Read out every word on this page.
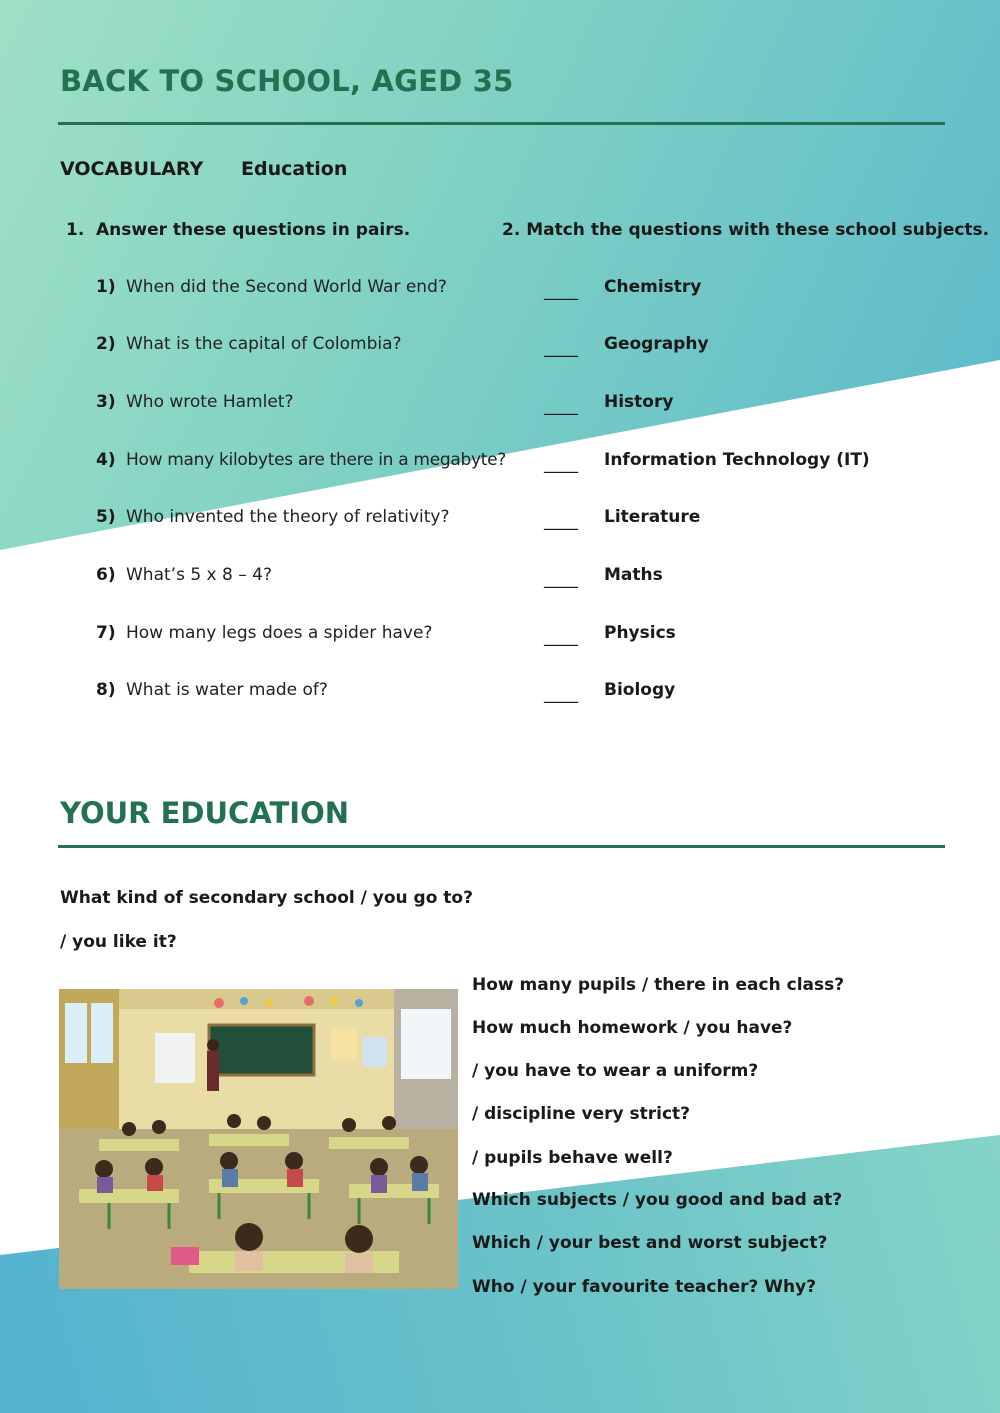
BACK TO SCHOOL, AGED 35
VOCABULARY Education
1. Answer these questions in pairs.	2. Match the questions with these school subjects.
1) When did the Second World War end?
2) What is the capital of Colombia?
3) Who wrote Hamlet?
4) How many kilobytes are there in a megabyte?
5) Who invented the theory of relativity?
6) What’s 5 x 8 – 4?
7) How many legs does a spider have?
8) What is water made of?
____
____
____
____
____
____
____
____
Chemistry
Geography
History
Information Technology (IT)
Literature
Maths
Physics
Biology
YOUR EDUCATION
What kind of secondary school / you go to?
/ you like it?
How many pupils / there in each class?
How much homework / you have?
/ you have to wear a uniform?
/ discipline very strict?
/ pupils behave well?
Which subjects / you good and bad at?
Which / your best and worst subject?
Who / your favourite teacher? Why?
